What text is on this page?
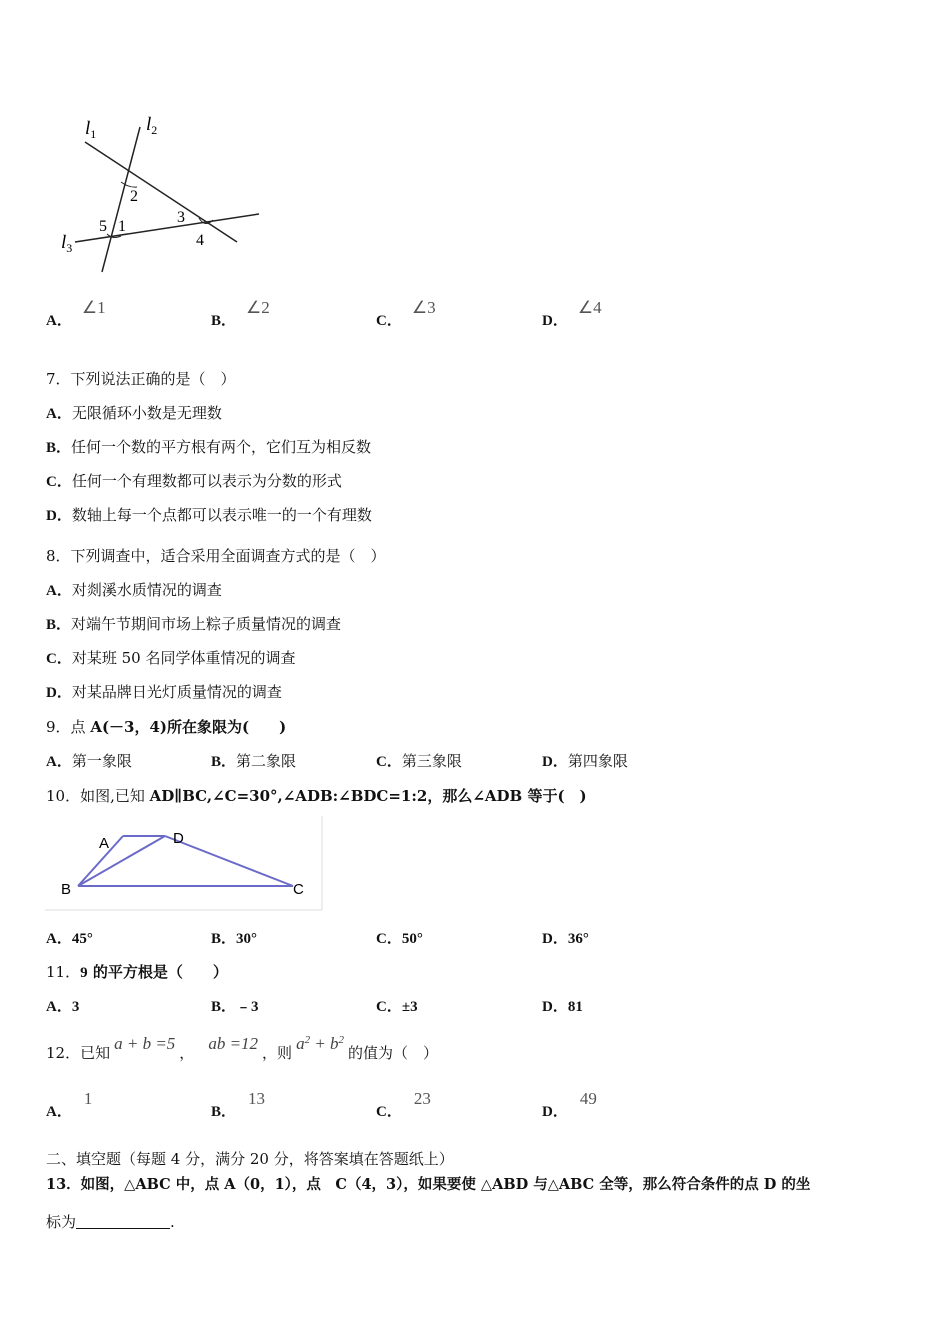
$l_1$	$l_2$
$l_3$
2
5 1
3
4
A．∠1
B．∠2
C．∠3
D．∠4
7．下列说法正确的是（　）
A．无限循环小数是无理数
B．任何一个数的平方根有两个，它们互为相反数
C．任何一个有理数都可以表示为分数的形式
D．数轴上每一个点都可以表示唯一的一个有理数
8．下列调查中，适合采用全面调查方式的是（　）
A．对剡溪水质情况的调查
B．对端午节期间市场上粽子质量情况的调查
C．对某班 50 名同学体重情况的调查
D．对某品牌日光灯质量情况的调查
9．点 A(－3，4)所在象限为(　　)
A．第一象限	B．第二象限	C．第三象限	D．第四象限
10．如图,已知 AD∥BC,∠C=30°,∠ADB:∠BDC=1:2，那么∠ADB 等于(　)
A	D
B	C
A．45°	B．30°	C．50°	D．36°
11．9 的平方根是（　　）
A．3	B．﹣3	C．±3	D．81
12．已知 a + b =5 ， ab =12 ，则 $a^2 + b^2$的值为（　）
A．1
B．13
C．23
D．49
二、填空题（每题 4 分，满分 20 分，将答案填在答题纸上）
13．如图，△ABC 中，点 A（0，1），点　C（4，3），如果要使 △ABD 与△ABC 全等，那么符合条件的点 D 的坐
标为	.
